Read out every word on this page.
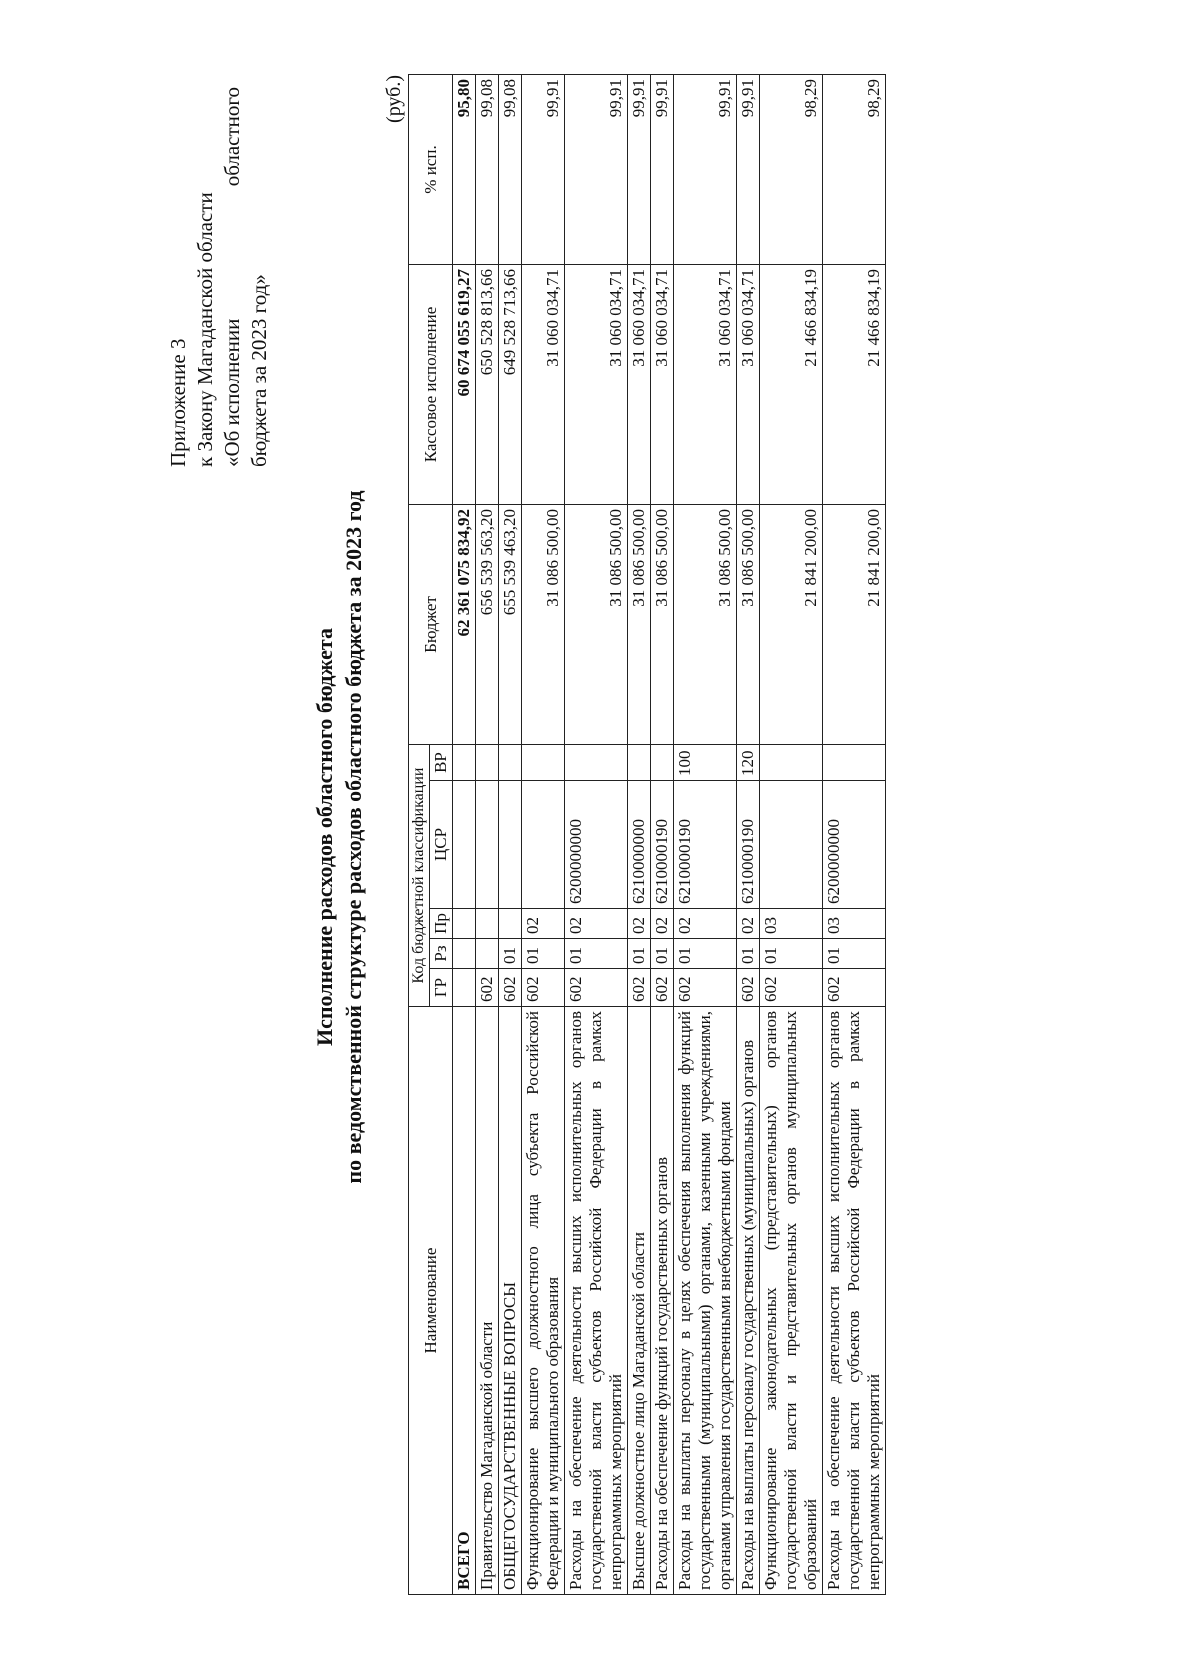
Приложение 3 к Закону Магаданской области «Об исполнении
областного
бюджета за 2023 год»
Исполнение расходов областного бюджета по ведомственной структуре расходов областного бюджета за 2023 год
(руб.)
Наименование	Код бюджетной классификации					Бюджет	Кассовое исполнение	% исп.
	ГР	Рз	Пр	ЦСР	ВР			
ВСЕГО						62 361 075 834,92	60 674 055 619,27	95,80
Правительство Магаданской области	602					656 539 563,20	650 528 813,66	99,08
ОБЩЕГОСУДАРСТВЕННЫЕ ВОПРОСЫ	602	01				655 539 463,20	649 528 713,66	99,08
Функционирование высшего должностного лица субъекта Российской Федерации и муниципального образования	602	01	02			31 086 500,00	31 060 034,71	99,91
Расходы на обеспечение деятельности высших исполнительных органов государственной власти субъектов Российской Федерации в рамках непрограммных мероприятий	602	01	02	6200000000		31 086 500,00	31 060 034,71	99,91
Высшее должностное лицо Магаданской области	602	01	02	6210000000		31 086 500,00	31 060 034,71	99,91
Расходы на обеспечение функций государственных органов	602	01	02	6210000190		31 086 500,00	31 060 034,71	99,91
Расходы на выплаты персоналу в целях обеспечения выполнения функций государственными (муниципальными) органами, казенными учреждениями, органами управления государственными внебюджетными фондами	602	01	02	6210000190	100	31 086 500,00	31 060 034,71	99,91
Расходы на выплаты персоналу государственных (муниципальных) органов	602	01	02	6210000190	120	31 086 500,00	31 060 034,71	99,91
Функционирование законодательных (представительных) органов государственной власти и представительных органов муниципальных образований	602	01	03			21 841 200,00	21 466 834,19	98,29
Расходы на обеспечение деятельности высших исполнительных органов государственной власти субъектов Российской Федерации в рамках непрограммных мероприятий	602	01	03	6200000000		21 841 200,00	21 466 834,19	98,29
